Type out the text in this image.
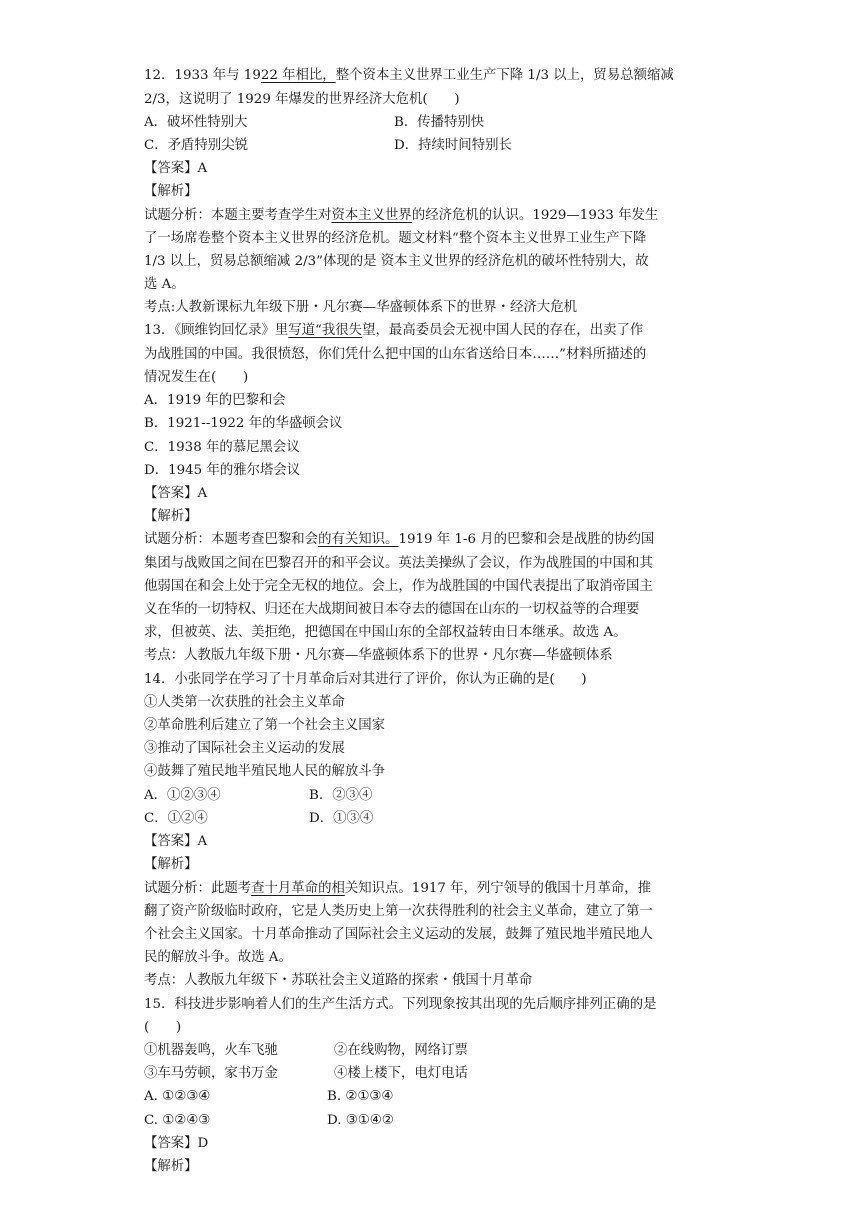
12．1933 年与 1922 年相比，整个资本主义世界工业生产下降 1/3 以上，贸易总额缩减
2/3，这说明了 1929 年爆发的世界经济大危机(　　)
A．破坏性特别大	B．传播特别快
C．矛盾特别尖锐	D．持续时间特别长
【答案】A
【解析】
试题分析：本题主要考查学生对资本主义世界的经济危机的认识。1929—1933 年发生
了一场席卷整个资本主义世界的经济危机。题文材料“整个资本主义世界工业生产下降
1/3 以上，贸易总额缩减 2/3”体现的是 资本主义世界的经济危机的破坏性特别大，故
选 A。
考点:人教新课标九年级下册・凡尔赛—华盛顿体系下的世界・经济大危机
13．《顾维钧回忆录》里写道“我很失望，最高委员会无视中国人民的存在，出卖了作
为战胜国的中国。我很愤怒，你们凭什么把中国的山东省送给日本……”材料所描述的
情况发生在(　　)
A．1919 年的巴黎和会
B．1921--1922 年的华盛顿会议
C．1938 年的慕尼黑会议
D．1945 年的雅尔塔会议
【答案】A
【解析】
试题分析：本题考查巴黎和会的有关知识。1919 年 1-6 月的巴黎和会是战胜的协约国
集团与战败国之间在巴黎召开的和平会议。英法美操纵了会议，作为战胜国的中国和其
他弱国在和会上处于完全无权的地位。会上，作为战胜国的中国代表提出了取消帝国主
义在华的一切特权、归还在大战期间被日本夺去的德国在山东的一切权益等的合理要
求，但被英、法、美拒绝，把德国在中国山东的全部权益转由日本继承。故选 A。
考点：人教版九年级下册・凡尔赛—华盛顿体系下的世界・凡尔赛—华盛顿体系
14．小张同学在学习了十月革命后对其进行了评价，你认为正确的是(　　)
①人类第一次获胜的社会主义革命
②革命胜利后建立了第一个社会主义国家
③推动了国际社会主义运动的发展
④鼓舞了殖民地半殖民地人民的解放斗争
A．①②③④	B．②③④
C．①②④	D．①③④
【答案】A
【解析】
试题分析：此题考查十月革命的相关知识点。1917 年，列宁领导的俄国十月革命，推
翻了资产阶级临时政府，它是人类历史上第一次获得胜利的社会主义革命，建立了第一
个社会主义国家。十月革命推动了国际社会主义运动的发展，鼓舞了殖民地半殖民地人
民的解放斗争。故选 A。
考点：人教版九年级下・苏联社会主义道路的探索・俄国十月革命
15．科技进步影响着人们的生产生活方式。下列现象按其出现的先后顺序排列正确的是
(　　)
①机器轰鸣，火车飞驰	②在线购物，网络订票
③车马劳顿，家书万金	④楼上楼下，电灯电话
A. ①②③④	B. ②①③④
C. ①②④③	D. ③①④②
【答案】D
【解析】
